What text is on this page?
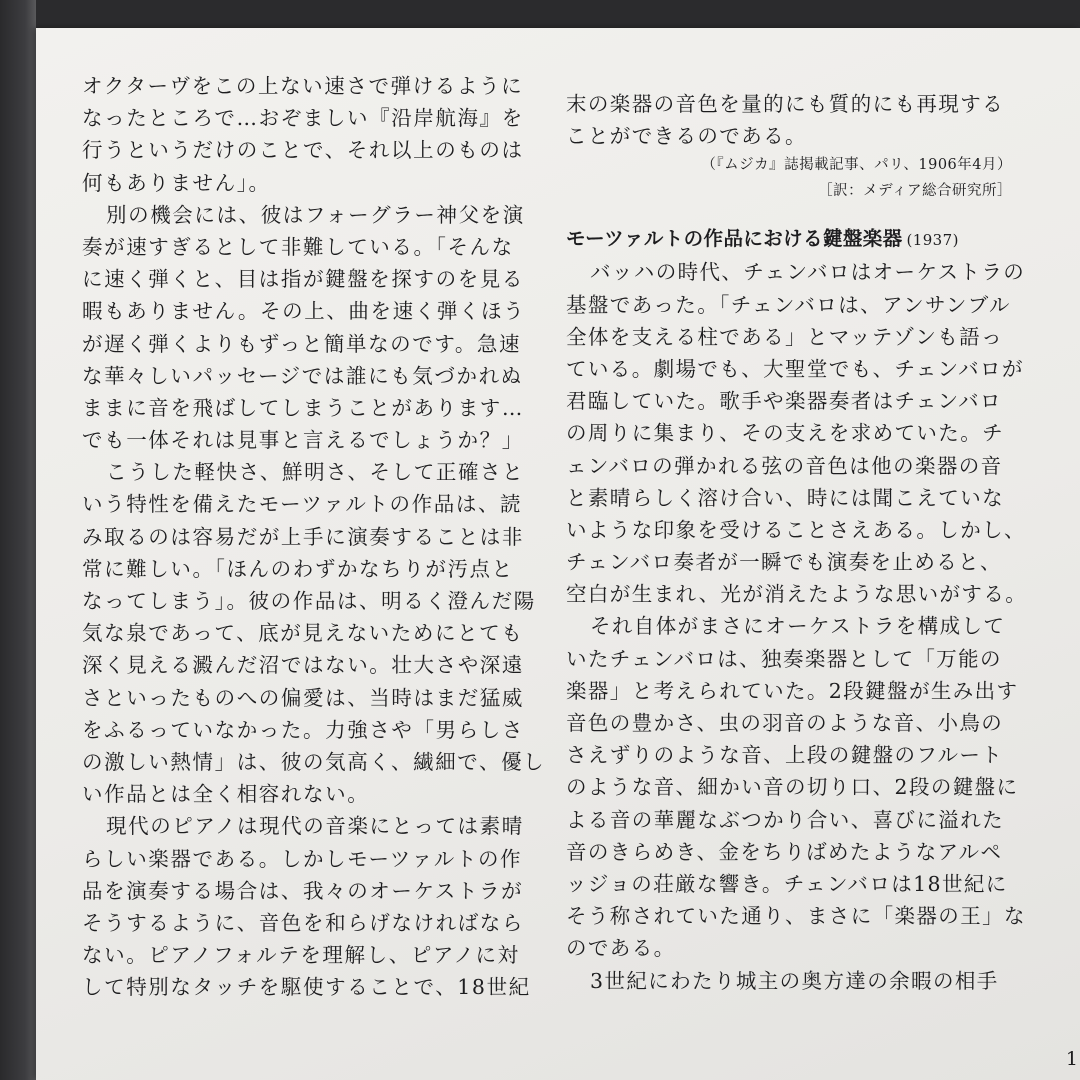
オクターヴをこの上ない速さで弾けるように
なったところで…おぞましい『沿岸航海』を
行うというだけのことで、それ以上のものは
何もありません」。
別の機会には、彼はフォーグラー神父を演
奏が速すぎるとして非難している。「そんな
に速く弾くと、目は指が鍵盤を探すのを見る
暇もありません。その上、曲を速く弾くほう
が遅く弾くよりもずっと簡単なのです。急速
な華々しいパッセージでは誰にも気づかれぬ
ままに音を飛ばしてしまうことがあります…
でも一体それは見事と言えるでしょうか？」
こうした軽快さ、鮮明さ、そして正確さと
いう特性を備えたモーツァルトの作品は、読
み取るのは容易だが上手に演奏することは非
常に難しい。「ほんのわずかなちりが汚点と
なってしまう」。彼の作品は、明るく澄んだ陽
気な泉であって、底が見えないためにとても
深く見える澱んだ沼ではない。壮大さや深遠
さといったものへの偏愛は、当時はまだ猛威
をふるっていなかった。力強さや「男らしさ
の激しい熱情」は、彼の気高く、繊細で、優し
い作品とは全く相容れない。
現代のピアノは現代の音楽にとっては素晴
らしい楽器である。しかしモーツァルトの作
品を演奏する場合は、我々のオーケストラが
そうするように、音色を和らげなければなら
ない。ピアノフォルテを理解し、ピアノに対
して特別なタッチを駆使することで、18世紀
末の楽器の音色を量的にも質的にも再現する
ことができるのである。
（『ムジカ』誌掲載記事、パリ、1906年4月）
［訳：メディア総合研究所］
モーツァルトの作品における鍵盤楽器 (1937)
バッハの時代、チェンバロはオーケストラの
基盤であった。「チェンバロは、アンサンブル
全体を支える柱である」とマッテゾンも語っ
ている。劇場でも、大聖堂でも、チェンバロが
君臨していた。歌手や楽器奏者はチェンバロ
の周りに集まり、その支えを求めていた。チ
ェンバロの弾かれる弦の音色は他の楽器の音
と素晴らしく溶け合い、時には聞こえていな
いような印象を受けることさえある。しかし、
チェンバロ奏者が一瞬でも演奏を止めると、
空白が生まれ、光が消えたような思いがする。
それ自体がまさにオーケストラを構成して
いたチェンバロは、独奏楽器として「万能の
楽器」と考えられていた。2段鍵盤が生み出す
音色の豊かさ、虫の羽音のような音、小鳥の
さえずりのような音、上段の鍵盤のフルート
のような音、細かい音の切り口、2段の鍵盤に
よる音の華麗なぶつかり合い、喜びに溢れた
音のきらめき、金をちりばめたようなアルペ
ッジョの荘厳な響き。チェンバロは18世紀に
そう称されていた通り、まさに「楽器の王」な
のである。
3世紀にわたり城主の奥方達の余暇の相手
1
